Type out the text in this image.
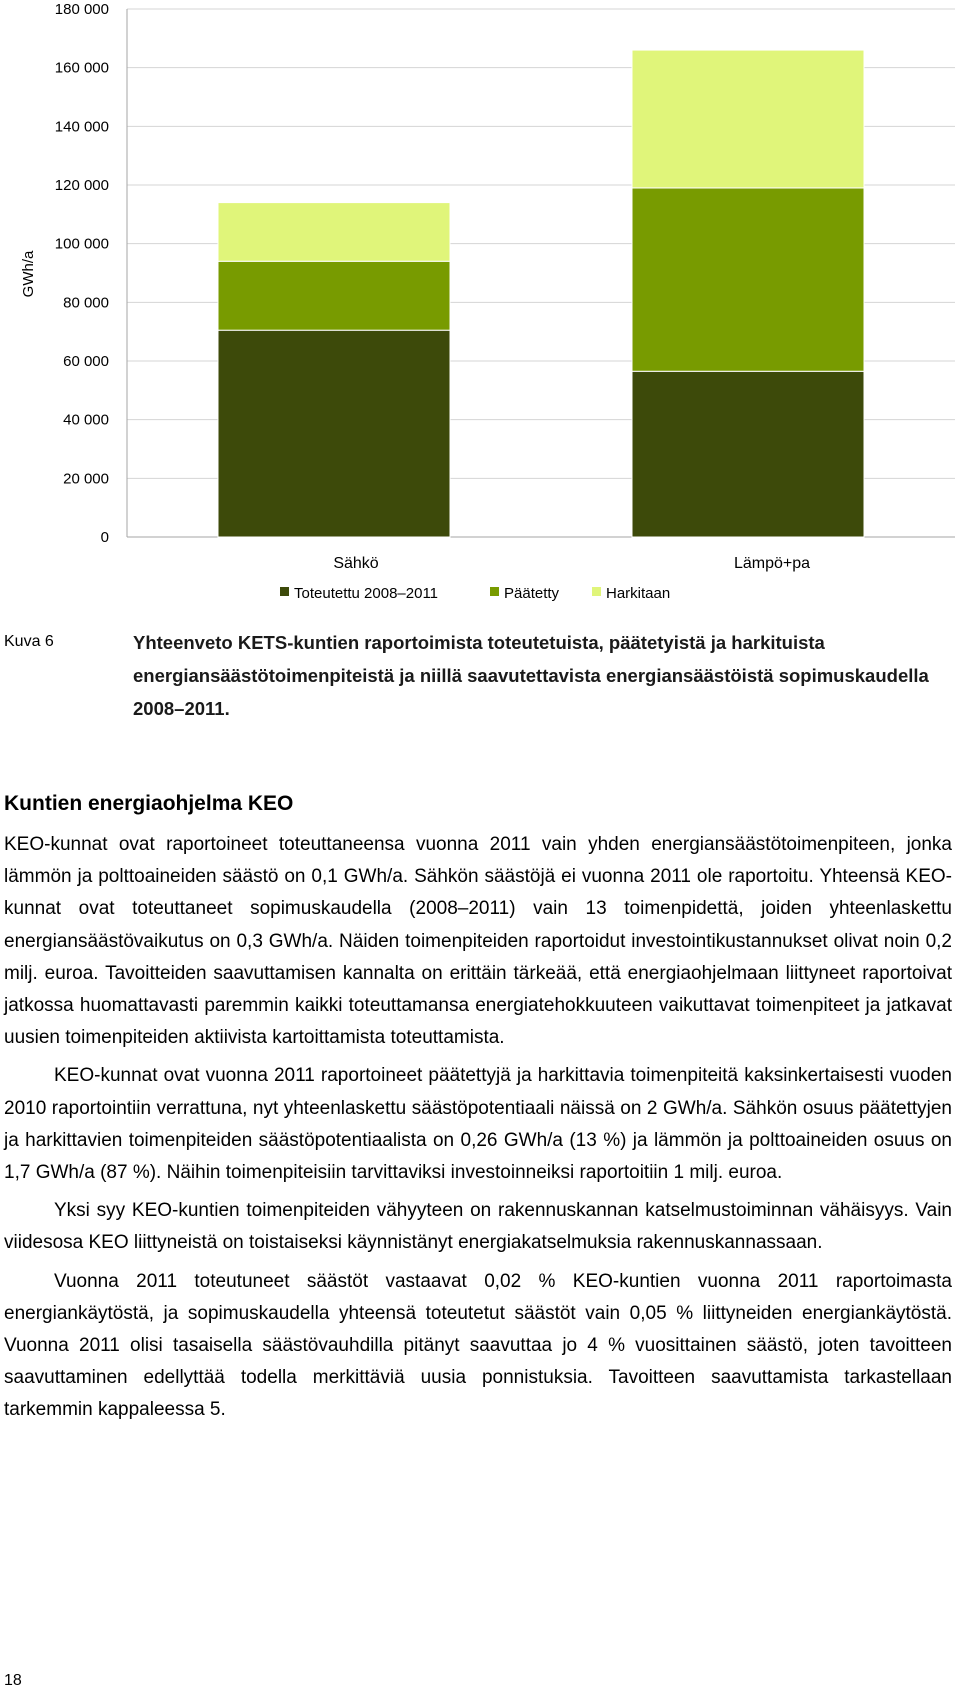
0
20 000
40 000
60 000
80 000
100 000
120 000
140 000
160 000
180 000
GWh/a
Sähkö	Lämpö+pa
Toteutettu 2008–2011	Päätetty	Harkitaan
Kuva 6	Yhteenveto KETS-kuntien raportoimista toteutetuista, päätetyistä ja harkituista energiansäästötoimenpiteistä ja niillä saavutettavista energiansäästöistä sopimuskaudella 2008–2011.
Kuntien energiaohjelma KEO

KEO-kunnat ovat raportoineet toteuttaneensa vuonna 2011 vain yhden energiansäästötoimenpiteen, jonka lämmön ja polttoaineiden säästö on 0,1 GWh/a. Sähkön säästöjä ei vuonna 2011 ole raportoitu. Yhteensä KEO-kunnat ovat toteuttaneet sopimuskaudella (2008–2011) vain 13 toimenpidettä, joiden yhteenlaskettu energiansäästövaikutus on 0,3 GWh/a. Näiden toimenpiteiden raportoidut investointikustannukset olivat noin 0,2 milj. euroa. Tavoitteiden saavuttamisen kannalta on erittäin tärkeää, että energiaohjelmaan liittyneet raportoivat jatkossa huomattavasti paremmin kaikki toteuttamansa energiatehokkuuteen vaikuttavat toimenpiteet ja jatkavat uusien toimenpiteiden aktiivista kartoittamista toteuttamista.

KEO-kunnat ovat vuonna 2011 raportoineet päätettyjä ja harkittavia toimenpiteitä kaksinkertaisesti vuoden 2010 raportointiin verrattuna, nyt yhteenlaskettu säästöpotentiaali näissä on 2 GWh/a. Sähkön osuus päätettyjen ja harkittavien toimenpiteiden säästöpotentiaalista on 0,26 GWh/a (13 %) ja lämmön ja polttoaineiden osuus on 1,7 GWh/a (87 %). Näihin toimenpiteisiin tarvittaviksi investoinneiksi raportoitiin 1 milj. euroa.

Yksi syy KEO-kuntien toimenpiteiden vähyyteen on rakennuskannan katselmustoiminnan vähäisyys. Vain viidesosa KEO liittyneistä on toistaiseksi käynnistänyt energiakatselmuksia rakennuskannassaan.

Vuonna 2011 toteutuneet säästöt vastaavat 0,02 % KEO-kuntien vuonna 2011 raportoimasta energiankäytöstä, ja sopimuskaudella yhteensä toteutetut säästöt vain 0,05 % liittyneiden energiankäytöstä. Vuonna 2011 olisi tasaisella säästövauhdilla pitänyt saavuttaa jo 4 % vuosittainen säästö, joten tavoitteen saavuttaminen edellyttää todella merkittäviä uusia ponnistuksia. Tavoitteen saavuttamista tarkastellaan tarkemmin kappaleessa 5.

18
